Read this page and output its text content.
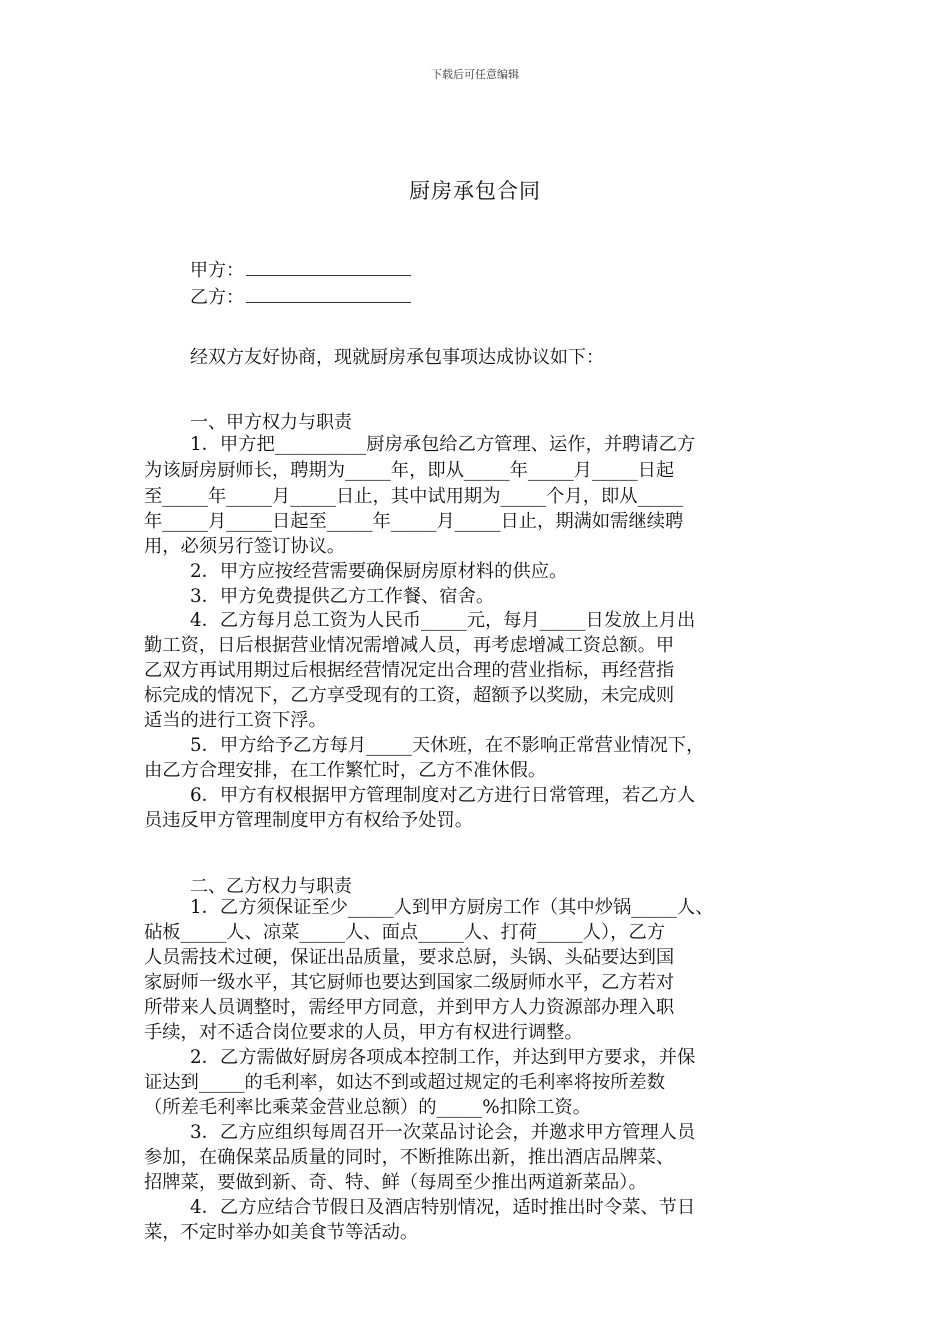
下载后可任意编辑
厨房承包合同
甲方：
乙方：
经双方友好协商，现就厨房承包事项达成协议如下：
一、甲方权力与职责
1．甲方把__________厨房承包给乙方管理、运作，并聘请乙方
为该厨房厨师长，聘期为_____年，即从_____年_____月_____日起
至_____年_____月_____日止，其中试用期为_____个月，即从_____
年_____月_____日起至_____年_____月_____日止，期满如需继续聘
用，必须另行签订协议。
2．甲方应按经营需要确保厨房原材料的供应。
3．甲方免费提供乙方工作餐、宿舍。
4．乙方每月总工资为人民币_____元，每月_____日发放上月出
勤工资，日后根据营业情况需增减人员，再考虑增减工资总额。甲
乙双方再试用期过后根据经营情况定出合理的营业指标，再经营指
标完成的情况下，乙方享受现有的工资，超额予以奖励，未完成则
适当的进行工资下浮。
5．甲方给予乙方每月_____天休班，在不影响正常营业情况下，
由乙方合理安排，在工作繁忙时，乙方不准休假。
6．甲方有权根据甲方管理制度对乙方进行日常管理，若乙方人
员违反甲方管理制度甲方有权给予处罚。
二、乙方权力与职责
1．乙方须保证至少_____人到甲方厨房工作（其中炒锅_____人、
砧板_____人、凉菜_____人、面点_____人、打荷_____人），乙方
人员需技术过硬，保证出品质量，要求总厨，头锅、头砧要达到国
家厨师一级水平，其它厨师也要达到国家二级厨师水平，乙方若对
所带来人员调整时，需经甲方同意，并到甲方人力资源部办理入职
手续，对不适合岗位要求的人员，甲方有权进行调整。
2．乙方需做好厨房各项成本控制工作，并达到甲方要求，并保
证达到_____的毛利率，如达不到或超过规定的毛利率将按所差数
（所差毛利率比乘菜金营业总额）的_____%扣除工资。
3．乙方应组织每周召开一次菜品讨论会，并邀求甲方管理人员
参加，在确保菜品质量的同时，不断推陈出新，推出酒店品牌菜、
招牌菜，要做到新、奇、特、鲜（每周至少推出两道新菜品）。
4．乙方应结合节假日及酒店特别情况，适时推出时令菜、节日
菜，不定时举办如美食节等活动。
